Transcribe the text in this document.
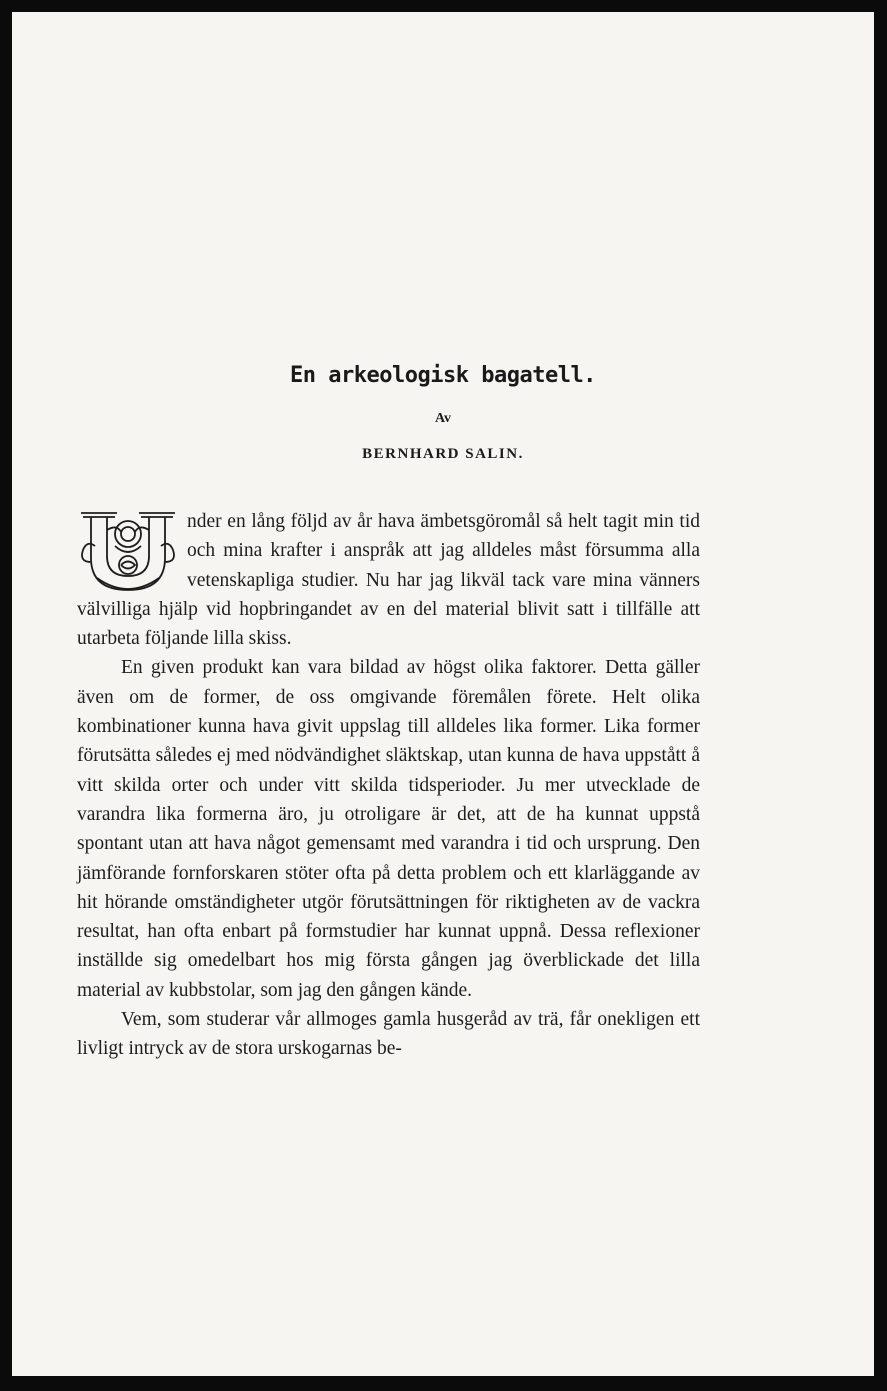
En arkeologisk bagatell.
Av
BERNHARD SALIN.

U
nder en lång följd av år hava ämbetsgöromål så helt tagit min tid och mina krafter i anspråk att jag alldeles måst försumma alla vetenskapliga studier. Nu har jag likväl tack vare mina vänners välvilliga hjälp vid hopbringandet av en del material blivit satt i tillfälle att utarbeta följande lilla skiss.

En given produkt kan vara bildad av högst olika faktorer. Detta gäller även om de former, de oss omgivande föremålen förete. Helt olika kombinationer kunna hava givit uppslag till alldeles lika former. Lika former förutsätta således ej med nödvändighet släktskap, utan kunna de hava uppstått å vitt skilda orter och under vitt skilda tidsperioder. Ju mer utvecklade de varandra lika formerna äro, ju otroligare är det, att de ha kunnat uppstå spontant utan att hava något gemensamt med varandra i tid och ursprung. Den jämförande fornforskaren stöter ofta på detta problem och ett klarläggande av hit hörande omständigheter utgör förutsättningen för riktigheten av de vackra resultat, han ofta enbart på formstudier har kunnat uppnå. Dessa reflexioner inställde sig omedelbart hos mig första gången jag överblickade det lilla material av kubbstolar, som jag den gången kände.

Vem, som studerar vår allmoges gamla husgeråd av trä, får onekligen ett livligt intryck av de stora urskogarnas be-
